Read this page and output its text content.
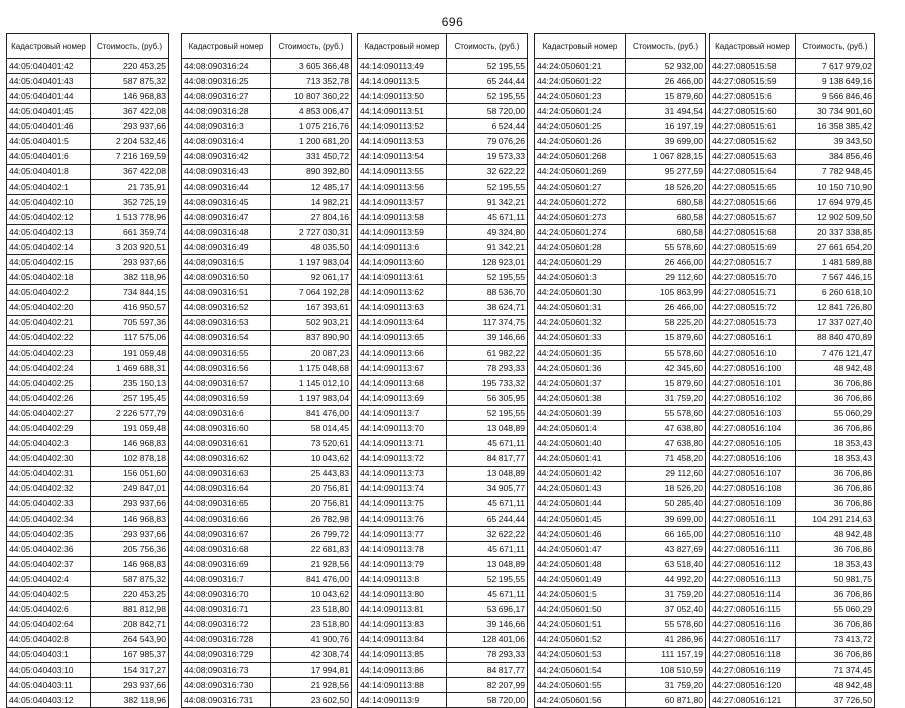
696
Кадастровый номер	Стоимость, (руб.)
44:05:040401:42	220 453,25
44:05:040401:43	587 875,32
44:05:040401:44	146 968,83
44:05:040401:45	367 422,08
44:05:040401:46	293 937,66
44:05:040401:5	2 204 532,46
44:05:040401:6	7 216 169,59
44:05:040401:8	367 422,08
44:05:040402:1	21 735,91
44:05:040402:10	352 725,19
44:05:040402:12	1 513 778,96
44:05:040402:13	661 359,74
44:05:040402:14	3 203 920,51
44:05:040402:15	293 937,66
44:05:040402:18	382 118,96
44:05:040402:2	734 844,15
44:05:040402:20	416 950,57
44:05:040402:21	705 597,36
44:05:040402:22	117 575,06
44:05:040402:23	191 059,48
44:05:040402:24	1 469 688,31
44:05:040402:25	235 150,13
44:05:040402:26	257 195,45
44:05:040402:27	2 226 577,79
44:05:040402:29	191 059,48
44:05:040402:3	146 968,83
44:05:040402:30	102 878,18
44:05:040402:31	156 051,60
44:05:040402:32	249 847,01
44:05:040402:33	293 937,66
44:05:040402:34	146 968,83
44:05:040402:35	293 937,66
44:05:040402:36	205 756,36
44:05:040402:37	146 968,83
44:05:040402:4	587 875,32
44:05:040402:5	220 453,25
44:05:040402:6	881 812,98
44:05:040402:64	208 842,71
44:05:040402:8	264 543,90
44:05:040403:1	167 985,37
44:05:040403:10	154 317,27
44:05:040403:11	293 937,66
44:05:040403:12	382 118,96
Кадастровый номер	Стоимость, (руб.)
44:08:090316:24	3 605 366,48
44:08:090316:25	713 352,78
44:08:090316:27	10 807 360,22
44:08:090316:28	4 853 006,47
44:08:090316:3	1 075 216,76
44:08:090316:4	1 200 681,20
44:08:090316:42	331 450,72
44:08:090316:43	890 392,80
44:08:090316:44	12 485,17
44:08:090316:45	14 982,21
44:08:090316:47	27 804,16
44:08:090316:48	2 727 030,31
44:08:090316:49	48 035,50
44:08:090316:5	1 197 983,04
44:08:090316:50	92 061,17
44:08:090316:51	7 064 192,28
44:08:090316:52	167 393,61
44:08:090316:53	502 903,21
44:08:090316:54	837 890,90
44:08:090316:55	20 087,23
44:08:090316:56	1 175 048,68
44:08:090316:57	1 145 012,10
44:08:090316:59	1 197 983,04
44:08:090316:6	841 476,00
44:08:090316:60	58 014,45
44:08:090316:61	73 520,61
44:08:090316:62	10 043,62
44:08:090316:63	25 443,83
44:08:090316:64	20 756,81
44:08:090316:65	20 756,81
44:08:090316:66	26 782,98
44:08:090316:67	26 799,72
44:08:090316:68	22 681,83
44:08:090316:69	21 928,56
44:08:090316:7	841 476,00
44:08:090316:70	10 043,62
44:08:090316:71	23 518,80
44:08:090316:72	23 518,80
44:08:090316:728	41 900,76
44:08:090316:729	42 308,74
44:08:090316:73	17 994,81
44:08:090316:730	21 928,56
44:08:090316:731	23 602,50
Кадастровый номер	Стоимость, (руб.)
44:14:090113:49	52 195,55
44:14:090113:5	65 244,44
44:14:090113:50	52 195,55
44:14:090113:51	58 720,00
44:14:090113:52	6 524,44
44:14:090113:53	79 076,26
44:14:090113:54	19 573,33
44:14:090113:55	32 622,22
44:14:090113:56	52 195,55
44:14:090113:57	91 342,21
44:14:090113:58	45 671,11
44:14:090113:59	49 324,80
44:14:090113:6	91 342,21
44:14:090113:60	128 923,01
44:14:090113:61	52 195,55
44:14:090113:62	88 536,70
44:14:090113:63	38 624,71
44:14:090113:64	117 374,75
44:14:090113:65	39 146,66
44:14:090113:66	61 982,22
44:14:090113:67	78 293,33
44:14:090113:68	195 733,32
44:14:090113:69	56 305,95
44:14:090113:7	52 195,55
44:14:090113:70	13 048,89
44:14:090113:71	45 671,11
44:14:090113:72	84 817,77
44:14:090113:73	13 048,89
44:14:090113:74	34 905,77
44:14:090113:75	45 671,11
44:14:090113:76	65 244,44
44:14:090113:77	32 622,22
44:14:090113:78	45 671,11
44:14:090113:79	13 048,89
44:14:090113:8	52 195,55
44:14:090113:80	45 671,11
44:14:090113:81	53 696,17
44:14:090113:83	39 146,66
44:14:090113:84	128 401,06
44:14:090113:85	78 293,33
44:14:090113:86	84 817,77
44:14:090113:88	82 207,99
44:14:090113:9	58 720,00
Кадастровый номер	Стоимость, (руб.)
44:24:050601:21	52 932,00
44:24:050601:22	26 466,00
44:24:050601:23	15 879,60
44:24:050601:24	31 494,54
44:24:050601:25	16 197,19
44:24:050601:26	39 699,00
44:24:050601:268	1 067 828,15
44:24:050601:269	95 277,59
44:24:050601:27	18 526,20
44:24:050601:272	680,58
44:24:050601:273	680,58
44:24:050601:274	680,58
44:24:050601:28	55 578,60
44:24:050601:29	26 466,00
44:24:050601:3	29 112,60
44:24:050601:30	105 863,99
44:24:050601:31	26 466,00
44:24:050601:32	58 225,20
44:24:050601:33	15 879,60
44:24:050601:35	55 578,60
44:24:050601:36	42 345,60
44:24:050601:37	15 879,60
44:24:050601:38	31 759,20
44:24:050601:39	55 578,60
44:24:050601:4	47 638,80
44:24:050601:40	47 638,80
44:24:050601:41	71 458,20
44:24:050601:42	29 112,60
44:24:050601:43	18 526,20
44:24:050601:44	50 285,40
44:24:050601:45	39 699,00
44:24:050601:46	66 165,00
44:24:050601:47	43 827,69
44:24:050601:48	63 518,40
44:24:050601:49	44 992,20
44:24:050601:5	31 759,20
44:24:050601:50	37 052,40
44:24:050601:51	55 578,60
44:24:050601:52	41 286,96
44:24:050601:53	111 157,19
44:24:050601:54	108 510,59
44:24:050601:55	31 759,20
44:24:050601:56	60 871,80
Кадастровый номер	Стоимость, (руб.)
44:27:080515:58	7 617 979,02
44:27:080515:59	9 138 649,16
44:27:080515:6	9 566 846,46
44:27:080515:60	30 734 901,60
44:27:080515:61	16 358 385,42
44:27:080515:62	39 343,50
44:27:080515:63	384 856,46
44:27:080515:64	7 782 948,45
44:27:080515:65	10 150 710,90
44:27:080515:66	17 694 979,45
44:27:080515:67	12 902 509,50
44:27:080515:68	20 337 338,85
44:27:080515:69	27 661 654,20
44:27:080515:7	1 481 589,88
44:27:080515:70	7 567 446,15
44:27:080515:71	6 260 618,10
44:27:080515:72	12 841 726,80
44:27:080515:73	17 337 027,40
44:27:080516:1	88 840 470,89
44:27:080516:10	7 476 121,47
44:27:080516:100	48 942,48
44:27:080516:101	36 706,86
44:27:080516:102	36 706,86
44:27:080516:103	55 060,29
44:27:080516:104	36 706,86
44:27:080516:105	18 353,43
44:27:080516:106	18 353,43
44:27:080516:107	36 706,86
44:27:080516:108	36 706,86
44:27:080516:109	36 706,86
44:27:080516:11	104 291 214,63
44:27:080516:110	48 942,48
44:27:080516:111	36 706,86
44:27:080516:112	18 353,43
44:27:080516:113	50 981,75
44:27:080516:114	36 706,86
44:27:080516:115	55 060,29
44:27:080516:116	36 706,86
44:27:080516:117	73 413,72
44:27:080516:118	36 706,86
44:27:080516:119	71 374,45
44:27:080516:120	48 942,48
44:27:080516:121	37 726,50
